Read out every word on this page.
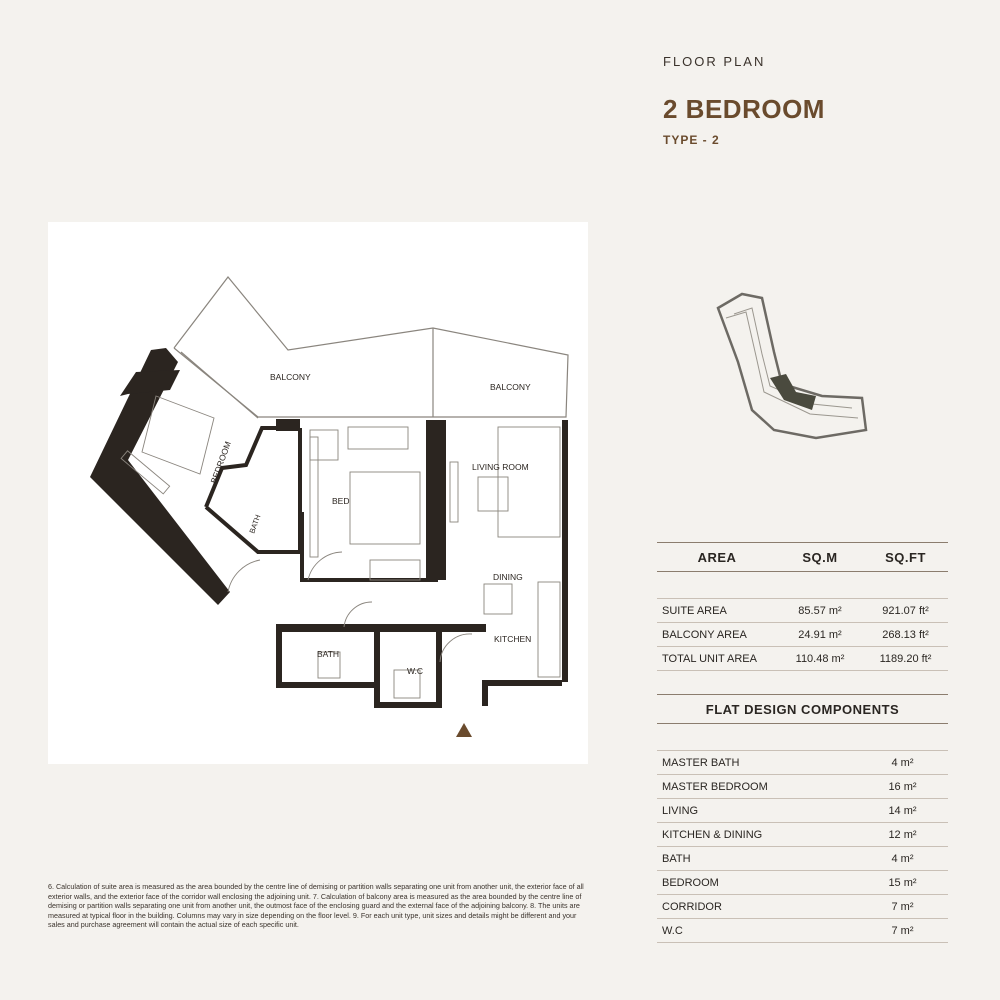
FLOOR PLAN
2 BEDROOM
TYPE - 2
BALCONY
BALCONY
BEDROOM
BATH
BED
LIVING ROOM
DINING
KITCHEN
BATH
W.C
AREA	SQ.M	SQ.FT
SUITE AREA	85.57 m²	921.07 ft²
BALCONY AREA	24.91 m²	268.13 ft²
TOTAL UNIT AREA	110.48 m²	1189.20 ft²
FLAT DESIGN COMPONENTS
MASTER BATH	4 m²
MASTER BEDROOM	16 m²
LIVING	14 m²
KITCHEN & DINING	12 m²
BATH	4 m²
BEDROOM	15 m²
CORRIDOR	7 m²
W.C	7 m²
6. Calculation of suite area is measured as the area bounded by the centre line of demising or partition walls separating one unit from another unit, the exterior face of all exterior walls, and the exterior face of the corridor wall enclosing the adjoining unit. 7. Calculation of balcony area is measured as the area bounded by the centre line of demising or partition walls separating one unit from another unit, the outmost face of the enclosing guard and the external face of the adjoining balcony. 8. The units are measured at typical floor in the building. Columns may vary in size depending on the floor level. 9. For each unit type, unit sizes and details might be different and your sales and purchase agreement will contain the actual size of each specific unit.
